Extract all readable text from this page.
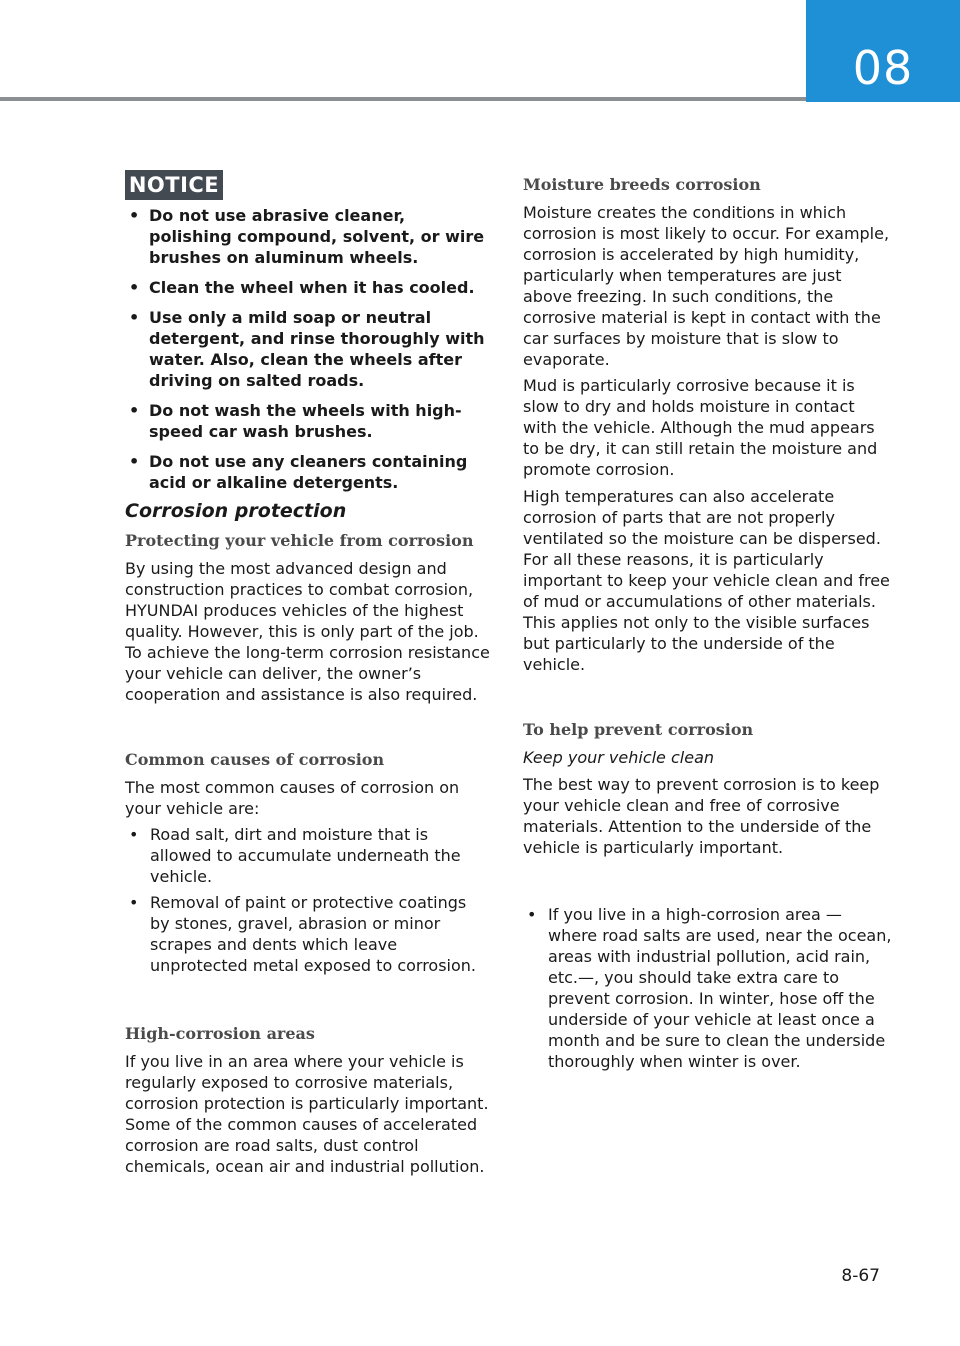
08
NOTICE
• Do not use abrasive cleaner, polishing compound, solvent, or wire brushes on aluminum wheels.
• Clean the wheel when it has cooled.
• Use only a mild soap or neutral detergent, and rinse thoroughly with water. Also, clean the wheels after driving on salted roads.
• Do not wash the wheels with high-speed car wash brushes.
• Do not use any cleaners containing acid or alkaline detergents.
Corrosion protection
Protecting your vehicle from corrosion
By using the most advanced design and construction practices to combat corrosion, HYUNDAI produces vehicles of the highest quality. However, this is only part of the job. To achieve the long-term corrosion resistance your vehicle can deliver, the owner’s cooperation and assistance is also required.
Common causes of corrosion
The most common causes of corrosion on your vehicle are:
• Road salt, dirt and moisture that is allowed to accumulate underneath the vehicle.
• Removal of paint or protective coatings by stones, gravel, abrasion or minor scrapes and dents which leave unprotected metal exposed to corrosion.
High-corrosion areas
If you live in an area where your vehicle is regularly exposed to corrosive materials, corrosion protection is particularly important. Some of the common causes of accelerated corrosion are road salts, dust control chemicals, ocean air and industrial pollution.
Moisture breeds corrosion
Moisture creates the conditions in which corrosion is most likely to occur. For example, corrosion is accelerated by high humidity, particularly when temperatures are just above freezing. In such conditions, the corrosive material is kept in contact with the car surfaces by moisture that is slow to evaporate.
Mud is particularly corrosive because it is slow to dry and holds moisture in contact with the vehicle. Although the mud appears to be dry, it can still retain the moisture and promote corrosion.
High temperatures can also accelerate corrosion of parts that are not properly ventilated so the moisture can be dispersed. For all these reasons, it is particularly important to keep your vehicle clean and free of mud or accumulations of other materials. This applies not only to the visible surfaces but particularly to the underside of the vehicle.
To help prevent corrosion
Keep your vehicle clean
The best way to prevent corrosion is to keep your vehicle clean and free of corrosive materials. Attention to the underside of the vehicle is particularly important.
• If you live in a high-corrosion area — where road salts are used, near the ocean, areas with industrial pollution, acid rain, etc.—, you should take extra care to prevent corrosion. In winter, hose off the underside of your vehicle at least once a month and be sure to clean the underside thoroughly when winter is over.
8-67
